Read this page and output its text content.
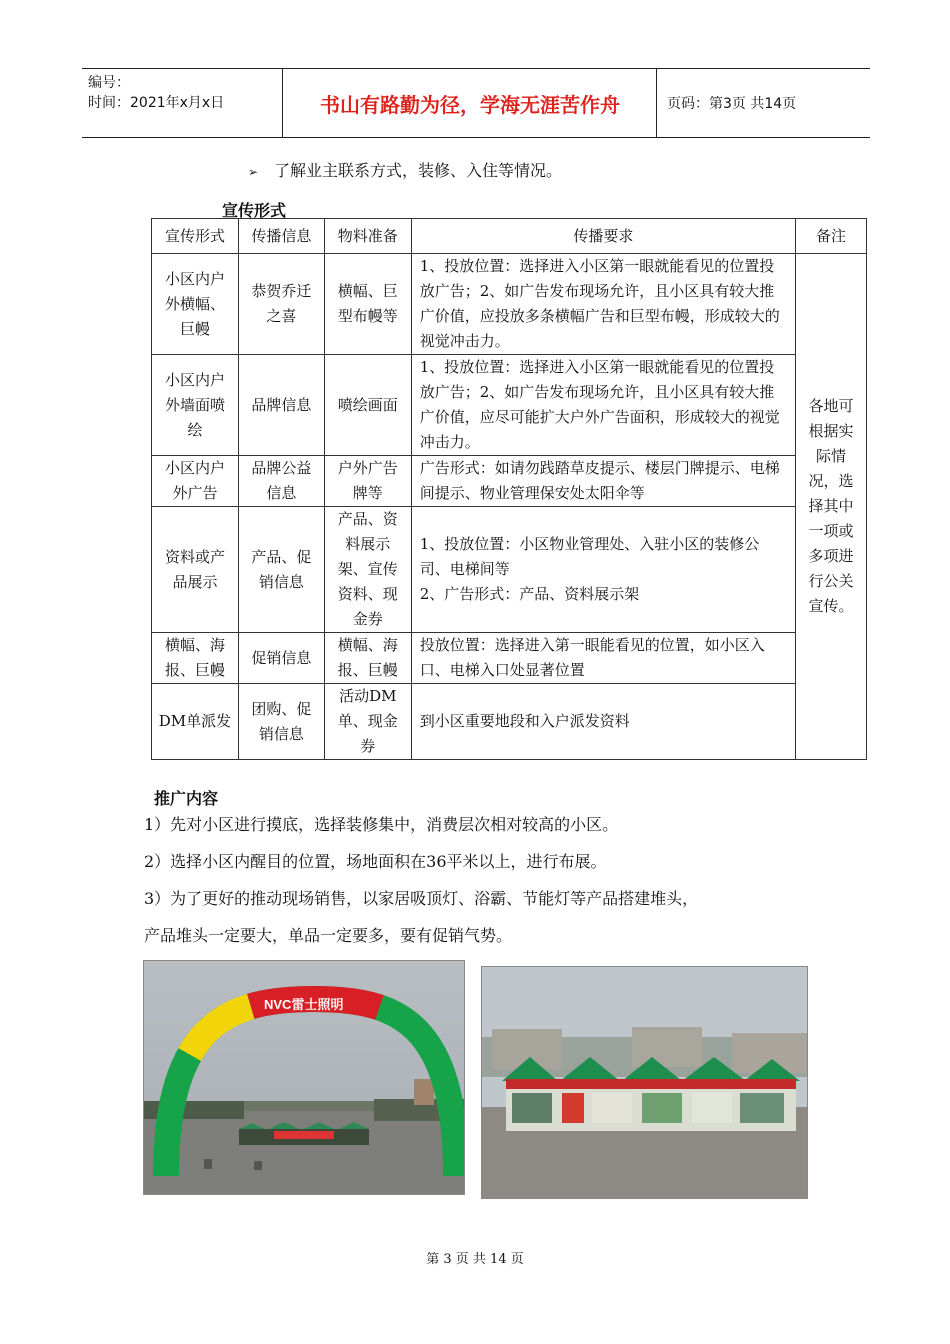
编号：
时间：2021年x月x日	书山有路勤为径，学海无涯苦作舟	页码：第3页 共14页
➢ 了解业主联系方式，装修、入住等情况。
宣传形式
宣传形式	传播信息	物料准备	传播要求	备注
小区内户外横幅、巨幔	恭贺乔迁之喜	横幅、巨型布幔等	1、投放位置：选择进入小区第一眼就能看见的位置投放广告；2、如广告发布现场允许，且小区具有较大推广价值，应投放多条横幅广告和巨型布幔，形成较大的视觉冲击力。	各地可根据实际情况，选择其中一项或多项进行公关宣传。
小区内户外墙面喷绘	品牌信息	喷绘画面	1、投放位置：选择进入小区第一眼就能看见的位置投放广告；2、如广告发布现场允许，且小区具有较大推广价值，应尽可能扩大户外广告面积，形成较大的视觉冲击力。	
小区内户外广告	品牌公益信息	户外广告牌等	广告形式：如请勿践踏草皮提示、楼层门牌提示、电梯间提示、物业管理保安处太阳伞等	
资料或产品展示	产品、促销信息	产品、资料展示架、宣传资料、现金券	1、投放位置：小区物业管理处、入驻小区的装修公司、电梯间等
2、广告形式：产品、资料展示架	

横幅、海报、巨幔	促销信息	横幅、海报、巨幔	投放位置：选择进入第一眼能看见的位置，如小区入口、电梯入口处显著位置	
DM单派发	团购、促销信息	活动DM单、现金券	到小区重要地段和入户派发资料	
推广内容
1）先对小区进行摸底，选择装修集中，消费层次相对较高的小区。
2）选择小区内醒目的位置，场地面积在36平米以上，进行布展。
3）为了更好的推动现场销售，以家居吸顶灯、浴霸、节能灯等产品搭建堆头，
产品堆头一定要大，单品一定要多，要有促销气势。
NVC雷士照明
第 3 页 共 14 页
